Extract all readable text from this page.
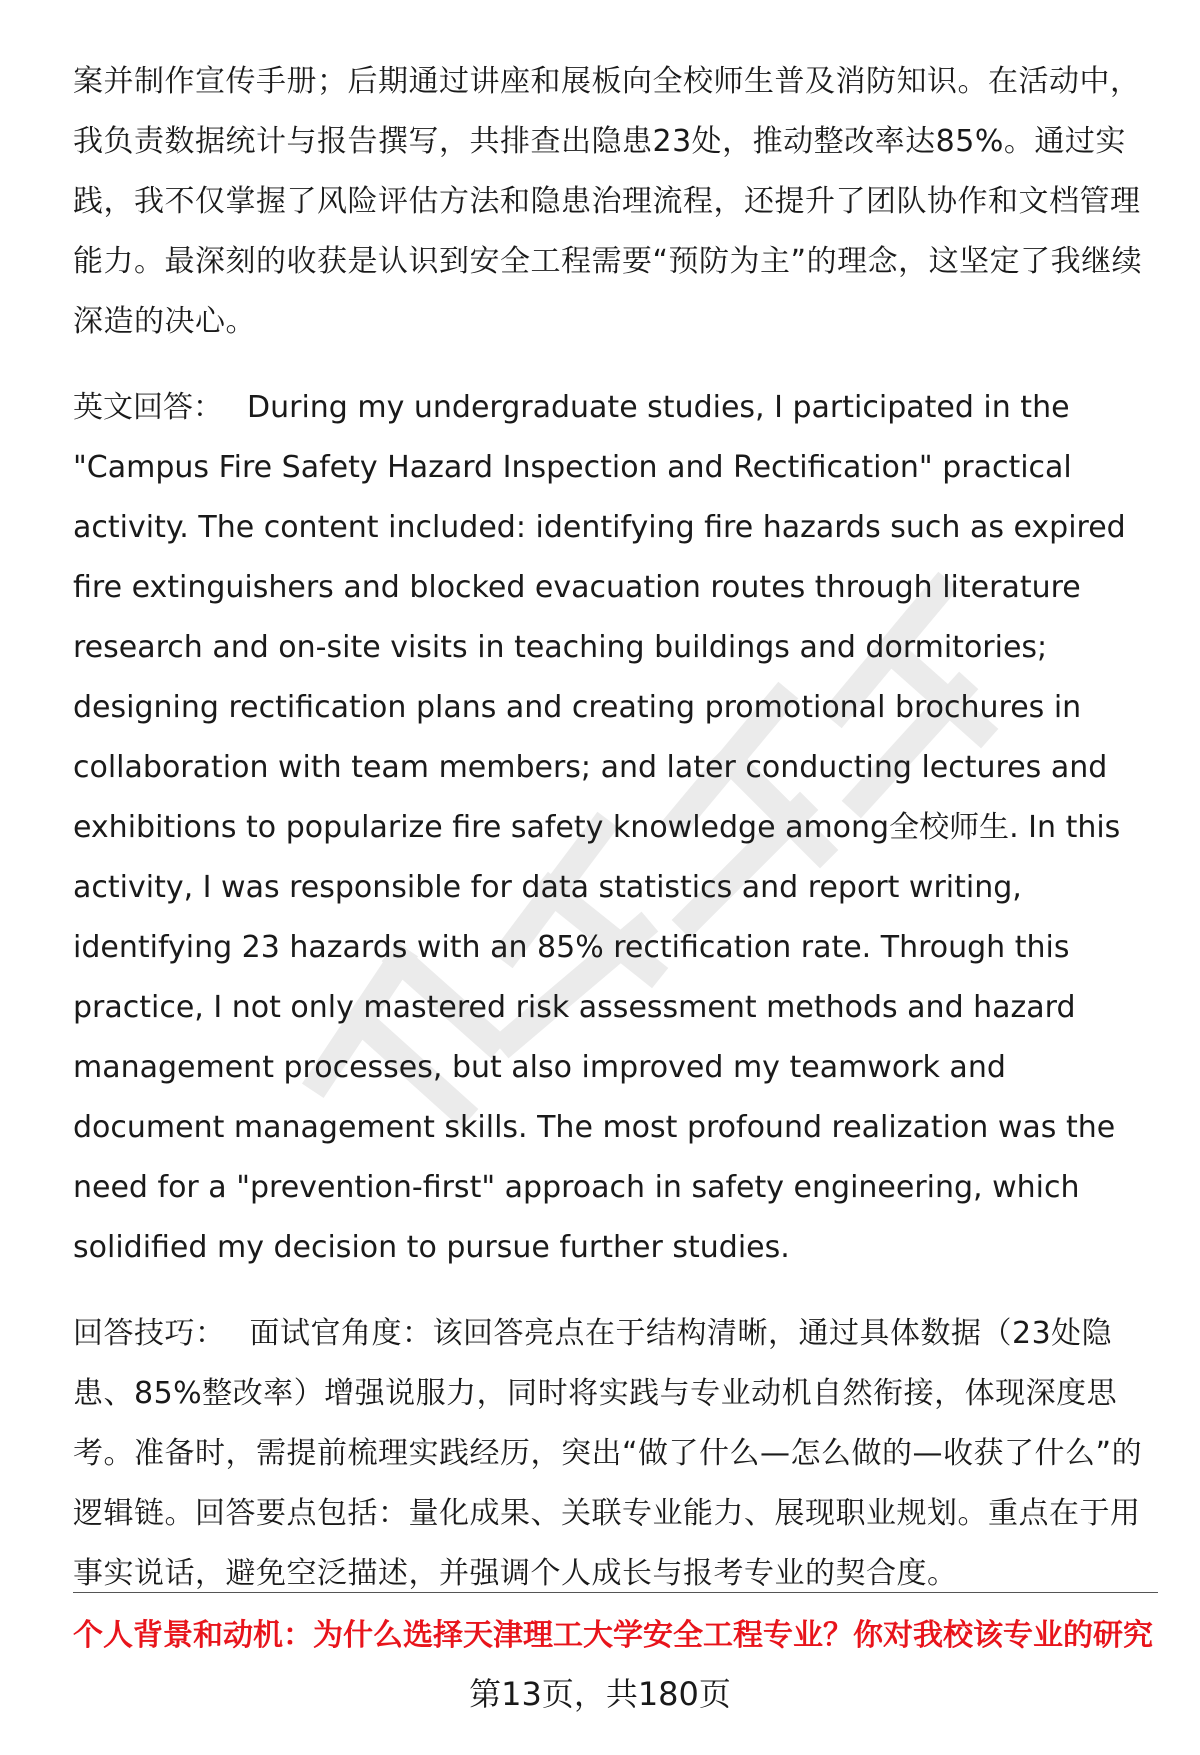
案并制作宣传手册；后期通过讲座和展板向全校师生普及消防知识。在活动中，我负责数据统计与报告撰写，共排查出隐患23处，推动整改率达85%。通过实践，我不仅掌握了风险评估方法和隐患治理流程，还提升了团队协作和文档管理能力。最深刻的收获是认识到安全工程需要“预防为主”的理念，这坚定了我继续深造的决心。

英文回答： During my undergraduate studies, I participated in the "Campus Fire Safety Hazard Inspection and Rectification" practical activity. The content included: identifying fire hazards such as expired fire extinguishers and blocked evacuation routes through literature research and on-site visits in teaching buildings and dormitories; designing rectification plans and creating promotional brochures in collaboration with team members; and later conducting lectures and exhibitions to popularize fire safety knowledge among全校师生. In this activity, I was responsible for data statistics and report writing, identifying 23 hazards with an 85% rectification rate. Through this practice, I not only mastered risk assessment methods and hazard management processes, but also improved my teamwork and document management skills. The most profound realization was the need for a "prevention-first" approach in safety engineering, which solidified my decision to pursue further studies.

回答技巧： 面试官角度：该回答亮点在于结构清晰，通过具体数据（23处隐患、85%整改率）增强说服力，同时将实践与专业动机自然衔接，体现深度思考。准备时，需提前梳理实践经历，突出“做了什么—怎么做的—收获了什么”的逻辑链。回答要点包括：量化成果、关联专业能力、展现职业规划。重点在于用事实说话，避免空泛描述，并强调个人成长与报考专业的契合度。

个人背景和动机：为什么选择天津理工大学安全工程专业？你对我校该专业的研究
第13页，共180页
